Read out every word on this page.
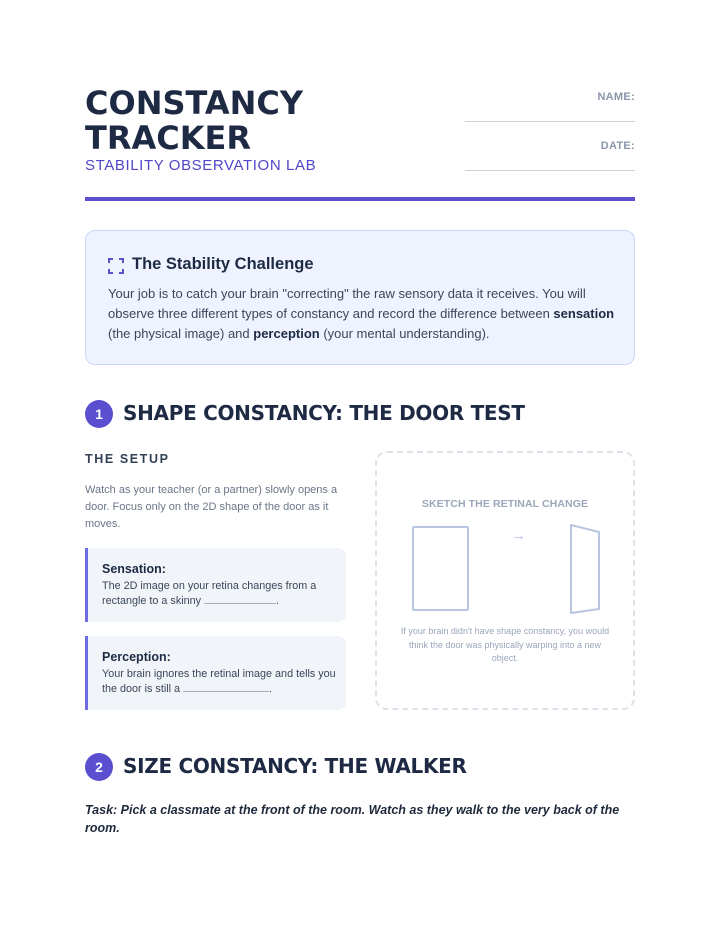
CONSTANCY
TRACKER
STABILITY OBSERVATION LAB
NAME:
DATE:
The Stability Challenge
Your job is to catch your brain "correcting" the raw sensory data it receives. You will observe three different types of constancy and record the difference between sensation (the physical image) and perception (your mental understanding).
1	SHAPE CONSTANCY: THE DOOR TEST
THE SETUP
Watch as your teacher (or a partner) slowly opens a door. Focus only on the 2D shape of the door as it moves.
Sensation:
The 2D image on your retina changes from a rectangle to a skinny	.
Perception:
Your brain ignores the retinal image and tells you the door is still a	.
SKETCH THE RETINAL CHANGE
→
If your brain didn't have shape constancy, you would think the door was physically warping into a new object.
2	SIZE CONSTANCY: THE WALKER
Task: Pick a classmate at the front of the room. Watch as they walk to the very back of the room.
